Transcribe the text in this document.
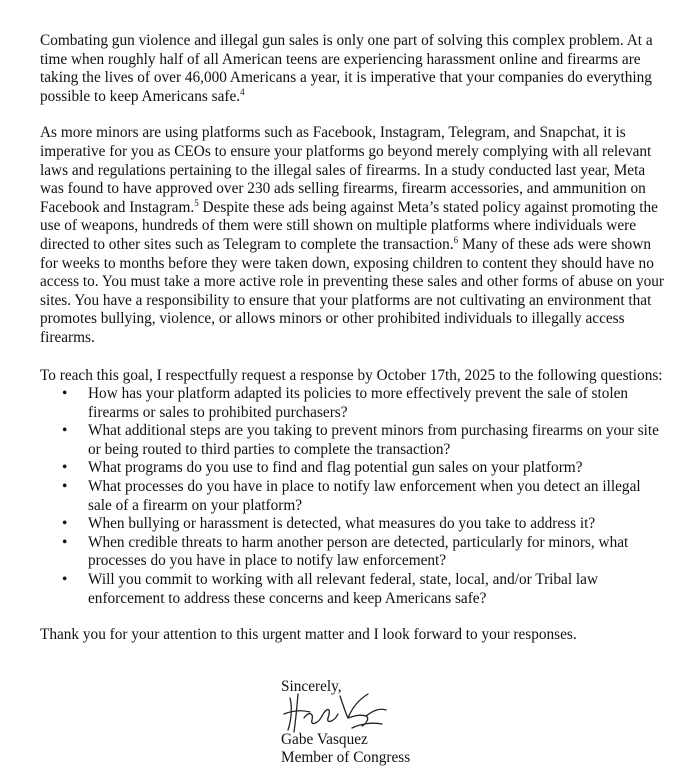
Combating gun violence and illegal gun sales is only one part of solving this complex problem. At a time when roughly half of all American teens are experiencing harassment online and firearms are taking the lives of over 46,000 Americans a year, it is imperative that your companies do everything possible to keep Americans safe.$^4$

As more minors are using platforms such as Facebook, Instagram, Telegram, and Snapchat, it is imperative for you as CEOs to ensure your platforms go beyond merely complying with all relevant laws and regulations pertaining to the illegal sales of firearms. In a study conducted last year, Meta was found to have approved over 230 ads selling firearms, firearm accessories, and ammunition on Facebook and Instagram.$^5$ Despite these ads being against Meta’s stated policy against promoting the use of weapons, hundreds of them were still shown on multiple platforms where individuals were directed to other sites such as Telegram to complete the transaction.$^6$ Many of these ads were shown for weeks to months before they were taken down, exposing children to content they should have no access to. You must take a more active role in preventing these sales and other forms of abuse on your sites. You have a responsibility to ensure that your platforms are not cultivating an environment that promotes bullying, violence, or allows minors or other prohibited individuals to illegally access firearms.

To reach this goal, I respectfully request a response by October 17th, 2025 to the following questions:

• How has your platform adapted its policies to more effectively prevent the sale of stolen firearms or sales to prohibited purchasers?
• What additional steps are you taking to prevent minors from purchasing firearms on your site or being routed to third parties to complete the transaction?
• What programs do you use to find and flag potential gun sales on your platform?
• What processes do you have in place to notify law enforcement when you detect an illegal sale of a firearm on your platform?
• When bullying or harassment is detected, what measures do you take to address it?
• When credible threats to harm another person are detected, particularly for minors, what processes do you have in place to notify law enforcement?
• Will you commit to working with all relevant federal, state, local, and/or Tribal law enforcement to address these concerns and keep Americans safe?

Thank you for your attention to this urgent matter and I look forward to your responses.

Sincerely,
Gabe Vasquez
Member of Congress
